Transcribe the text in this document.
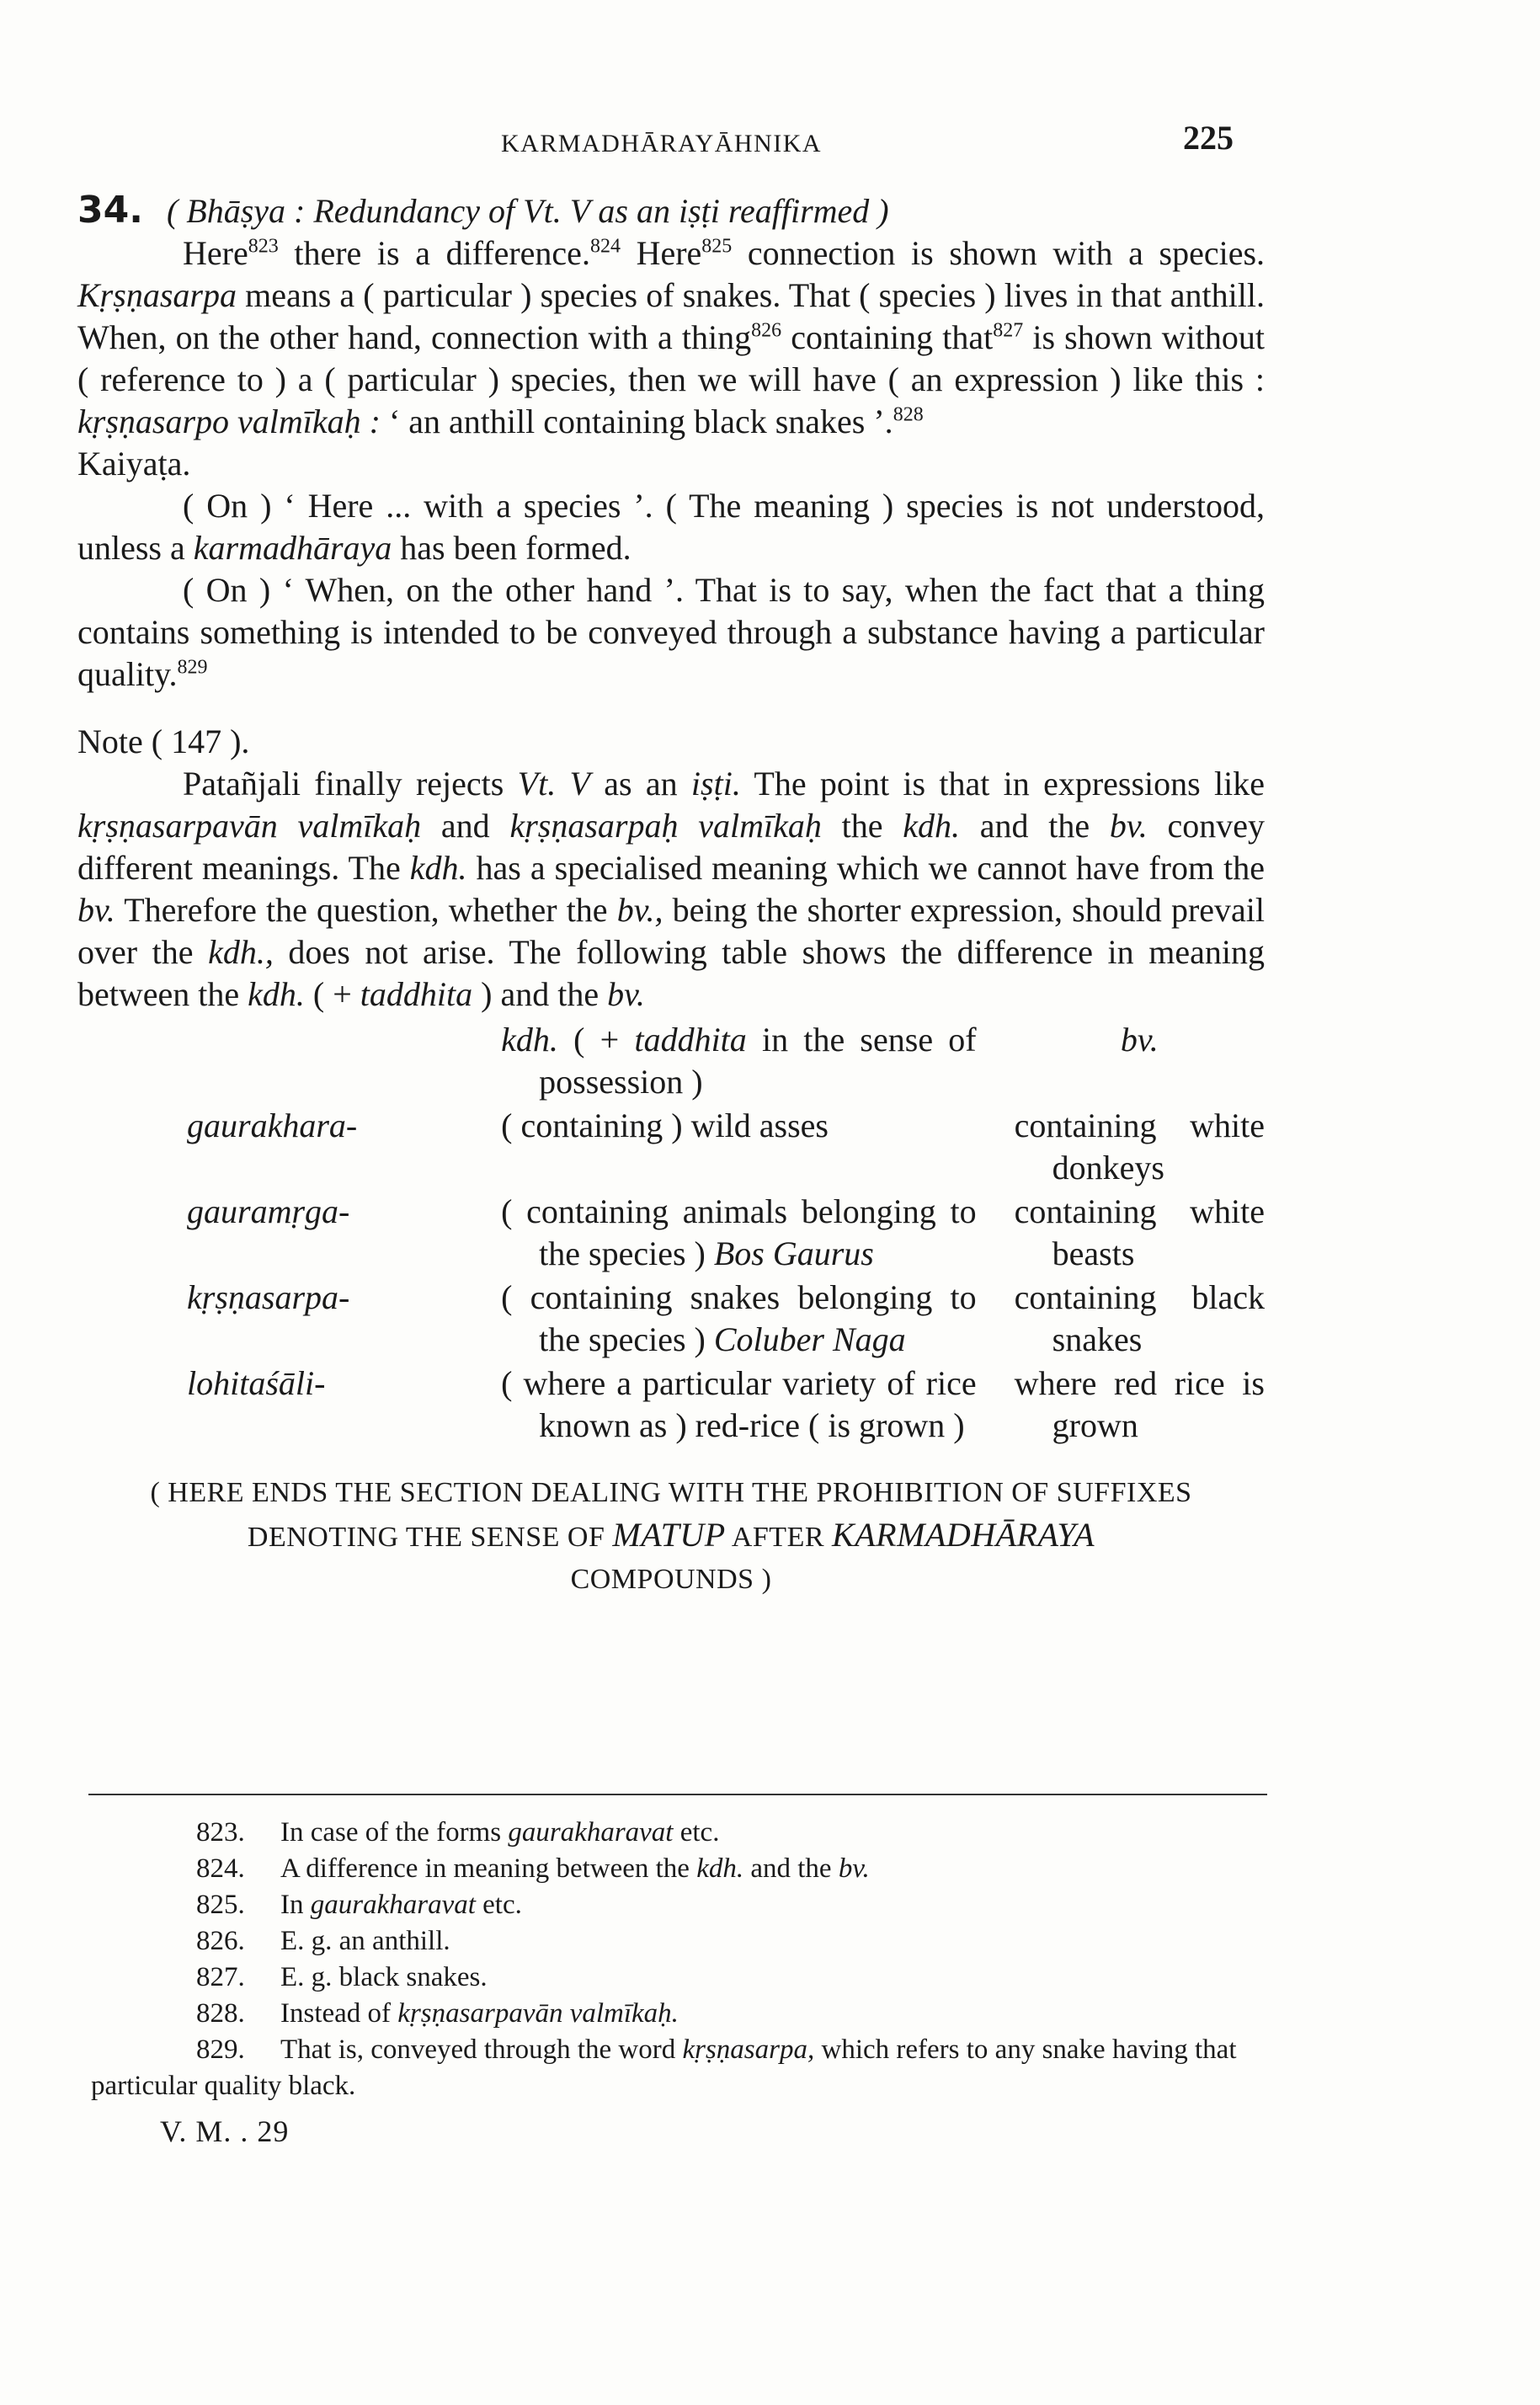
KARMADHĀRAYĀHNIKA	225

34. ( Bhāṣya : Redundancy of Vt. V as an iṣṭi reaffirmed )

Here$^{823}$ there is a difference.$^{824}$ Here$^{825}$ connection is shown with a species. Kṛṣṇasarpa means a ( particular ) species of snakes. That ( species ) lives in that anthill. When, on the other hand, connection with a thing$^{826}$ containing that$^{827}$ is shown without ( reference to ) a ( particular ) species, then we will have ( an expression ) like this : kṛṣṇasarpo valmīkaḥ : ‘ an anthill containing black snakes ’.$^{828}$

Kaiyaṭa.

( On ) ‘ Here ... with a species ’. ( The meaning ) species is not understood, unless a karmadhāraya has been formed.

( On ) ‘ When, on the other hand ’. That is to say, when the fact that a thing contains something is intended to be conveyed through a substance having a particular quality.$^{829}$

Note ( 147 ).

Patañjali finally rejects Vt. V as an iṣṭi. The point is that in expressions like kṛṣṇasarpavān valmīkaḥ and kṛṣṇasarpaḥ valmīkaḥ the kdh. and the bv. convey different meanings. The kdh. has a specialised meaning which we cannot have from the bv. Therefore the question, whether the bv., being the shorter expression, should prevail over the kdh., does not arise. The following table shows the difference in meaning between the kdh. ( + taddhita ) and the bv.

	kdh. ( + taddhita in the sense of possession )	bv.
gaurakhara-	( containing ) wild asses	containing white donkeys

gauramṛga-	( containing animals belonging to the species ) Bos Gaurus	containing white beasts

kṛṣṇasarpa-	( containing snakes belonging to the species ) Coluber Naga	containing black snakes

lohitaśāli-	( where a particular variety of rice known as ) red-rice ( is grown )	where red rice is grown
( HERE ENDS THE SECTION DEALING WITH THE PROHIBITION OF SUFFIXES
DENOTING THE SENSE OF MATUP AFTER KARMADHĀRAYA
COMPOUNDS )
823. In case of the forms gaurakharavat etc.
824. A difference in meaning between the kdh. and the bv.
825. In gaurakharavat etc.
826. E. g. an anthill.
827. E. g. black snakes.
828. Instead of kṛṣṇasarpavān valmīkaḥ.
829. That is, conveyed through the word kṛṣṇasarpa, which refers to any snake having that particular quality black.
V. M. . 29
